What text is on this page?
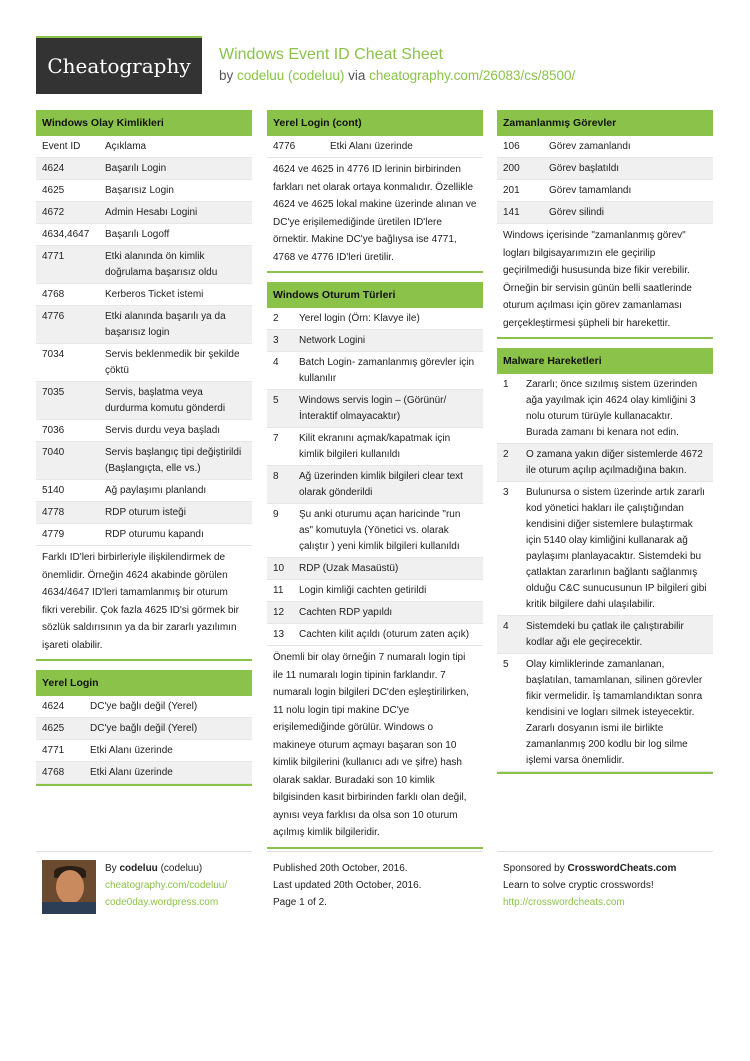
Cheatography	Windows Event ID Cheat Sheet
by codeluu (codeluu) via cheatography.com/26083/cs/8500/
Windows Olay Kimlikleri
Event ID	Açıklama
4624	Başarılı Login
4625	Başarısız Login
4672	Admin Hesabı Logini
4634,4647	Başarılı Logoff
4771	Etki alanında ön kimlik doğrulama başarısız oldu
4768	Kerberos Ticket istemi
4776	Etki alanında başarılı ya da başarısız login
7034	Servis beklenmedik bir şekilde çöktü
7035	Servis, başlatma veya durdurma komutu gönderdi
7036	Servis durdu veya başladı
7040	Servis başlangıç tipi değiştirildi (Başlangıçta, elle vs.)
5140	Ağ paylaşımı planlandı
4778	RDP oturum isteği
4779	RDP oturumu kapandı
Farklı ID'leri birbirleriyle ilişkilendirmek de önemlidir. Örneğin 4624 akabinde görülen 4634/4647 ID'leri tamamlanmış bir oturum fikri verebilir. Çok fazla 4625 ID'si görmek bir sözlük saldırısının ya da bir zararlı yazılımın işareti olabilir.
Yerel Login
4624	DC'ye bağlı değil (Yerel)
4625	DC'ye bağlı değil (Yerel)
4771	Etki Alanı üzerinde
4768	Etki Alanı üzerinde
Yerel Login (cont)
4776	Etki Alanı üzerinde
4624 ve 4625 in 4776 ID lerinin birbirinden farkları net olarak ortaya konmalıdır. Özellikle 4624 ve 4625 lokal makine üzerinde alınan ve DC'ye erişilemediğinde üretilen ID'lere örnektir. Makine DC'ye bağlıysa ise 4771, 4768 ve 4776 ID'leri üretilir.
Windows Oturum Türleri
2	Yerel login (Örn: Klavye ile)
3	Network Logini
4	Batch Login- zamanlanmış görevler için kullanılır
5	Windows servis login – (Görünür/İnteraktif olmayacaktır)
7	Kilit ekranını açmak/kapatmak için kimlik bilgileri kullanıldı
8	Ağ üzerinden kimlik bilgileri clear text olarak gönderildi
9	Şu anki oturumu açan haricinde "run as" komutuyla (Yönetici vs. olarak çalıştır ) yeni kimlik bilgileri kullanıldı
10	RDP (Uzak Masaüstü)
11	Login kimliği cachten getirildi
12	Cachten RDP yapıldı
13	Cachten kilit açıldı (oturum zaten açık)
Önemli bir olay örneğin 7 numaralı login tipi ile 11 numaralı login tipinin farklandır. 7 numaralı login bilgileri DC'den eşleştirilirken, 11 nolu login tipi makine DC'ye erişilemediğinde görülür. Windows o makineye oturum açmayı başaran son 10 kimlik bilgilerini (kullanıcı adı ve şifre) hash olarak saklar. Buradaki son 10 kimlik bilgisinden kasıt birbirinden farklı olan değil, aynısı veya farklısı da olsa son 10 oturum açılmış kimlik bilgileridir.
Zamanlanmış Görevler
106	Görev zamanlandı
200	Görev başlatıldı
201	Görev tamamlandı
141	Görev silindi
Windows içerisinde "zamanlanmış görev" logları bilgisayarımızın ele geçirilip geçirilmediği hususunda bize fikir verebilir. Örneğin bir servisin günün belli saatlerinde oturum açılması için görev zamanlaması gerçekleştirmesi şüpheli bir harekettir.
Malware Hareketleri
1	Zararlı; önce sızılmış sistem üzerinden ağa yayılmak için 4624 olay kimliğini 3 nolu oturum türüyle kullanacaktır. Burada zamanı bi kenara not edin.
2	O zamana yakın diğer sistemlerde 4672 ile oturum açılıp açılmadığına bakın.
3	Bulunursa o sistem üzerinde artık zararlı kod yönetici hakları ile çalıştığından kendisini diğer sistemlere bulaştırmak için 5140 olay kimliğini kullanarak ağ paylaşımı planlayacaktır. Sistemdeki bu çatlaktan zararlının bağlantı sağlanmış olduğu C&C sunucusunun IP bilgileri gibi kritik bilgilere dahi ulaşılabilir.
4	Sistemdeki bu çatlak ile çalıştırabilir kodlar ağı ele geçirecektir.
5	Olay kimliklerinde zamanlanan, başlatılan, tamamlanan, silinen görevler fikir vermelidir. İş tamamlandıktan sonra kendisini ve logları silmek isteyecektir. Zararlı dosyanın ismi ile birlikte zamanlanmış 200 kodlu bir log silme işlemi varsa önemlidir.
By codeluu (codeluu)
cheatography.com/codeluu/
code0day.wordpress.com
Published 20th October, 2016.
Last updated 20th October, 2016.
Page 1 of 2.
Sponsored by CrosswordCheats.com
Learn to solve cryptic crosswords!
http://crosswordcheats.com
